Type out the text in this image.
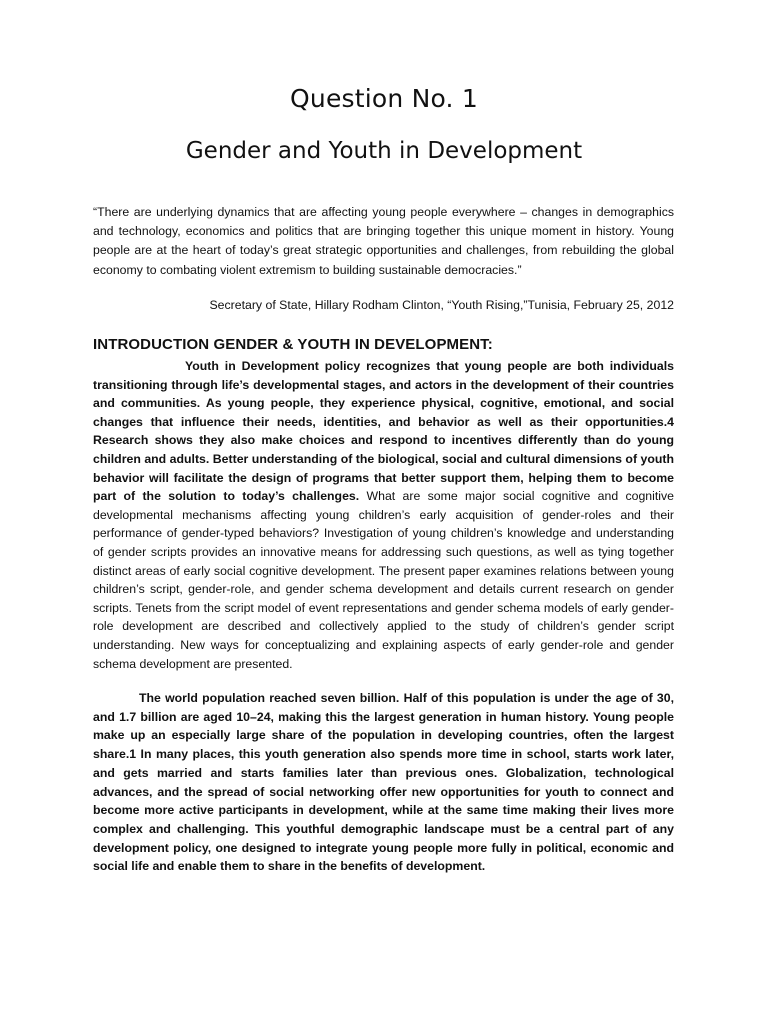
Question No. 1
Gender and Youth in Development
“There are underlying dynamics that are affecting young people everywhere – changes in demographics and technology, economics and politics that are bringing together this unique moment in history. Young people are at the heart of today’s great strategic opportunities and challenges, from rebuilding the global economy to combating violent extremism to building sustainable democracies.”
Secretary of State, Hillary Rodham Clinton, “Youth Rising,”Tunisia, February 25, 2012
INTRODUCTION GENDER & YOUTH IN DEVELOPMENT:
Youth in Development policy recognizes that young people are both individuals transitioning through life’s developmental stages, and actors in the development of their countries and communities. As young people, they experience physical, cognitive, emotional, and social changes that influence their needs, identities, and behavior as well as their opportunities.4 Research shows they also make choices and respond to incentives differently than do young children and adults. Better understanding of the biological, social and cultural dimensions of youth behavior will facilitate the design of programs that better support them, helping them to become part of the solution to today’s challenges. What are some major social cognitive and cognitive developmental mechanisms affecting young children’s early acquisition of gender-roles and their performance of gender-typed behaviors? Investigation of young children’s knowledge and understanding of gender scripts provides an innovative means for addressing such questions, as well as tying together distinct areas of early social cognitive development. The present paper examines relations between young children’s script, gender-role, and gender schema development and details current research on gender scripts. Tenets from the script model of event representations and gender schema models of early gender-role development are described and collectively applied to the study of children’s gender script understanding. New ways for conceptualizing and explaining aspects of early gender-role and gender schema development are presented.
The world population reached seven billion. Half of this population is under the age of 30, and 1.7 billion are aged 10–24, making this the largest generation in human history. Young people make up an especially large share of the population in developing countries, often the largest share.1 In many places, this youth generation also spends more time in school, starts work later, and gets married and starts families later than previous ones. Globalization, technological advances, and the spread of social networking offer new opportunities for youth to connect and become more active participants in development, while at the same time making their lives more complex and challenging. This youthful demographic landscape must be a central part of any development policy, one designed to integrate young people more fully in political, economic and social life and enable them to share in the benefits of development.
